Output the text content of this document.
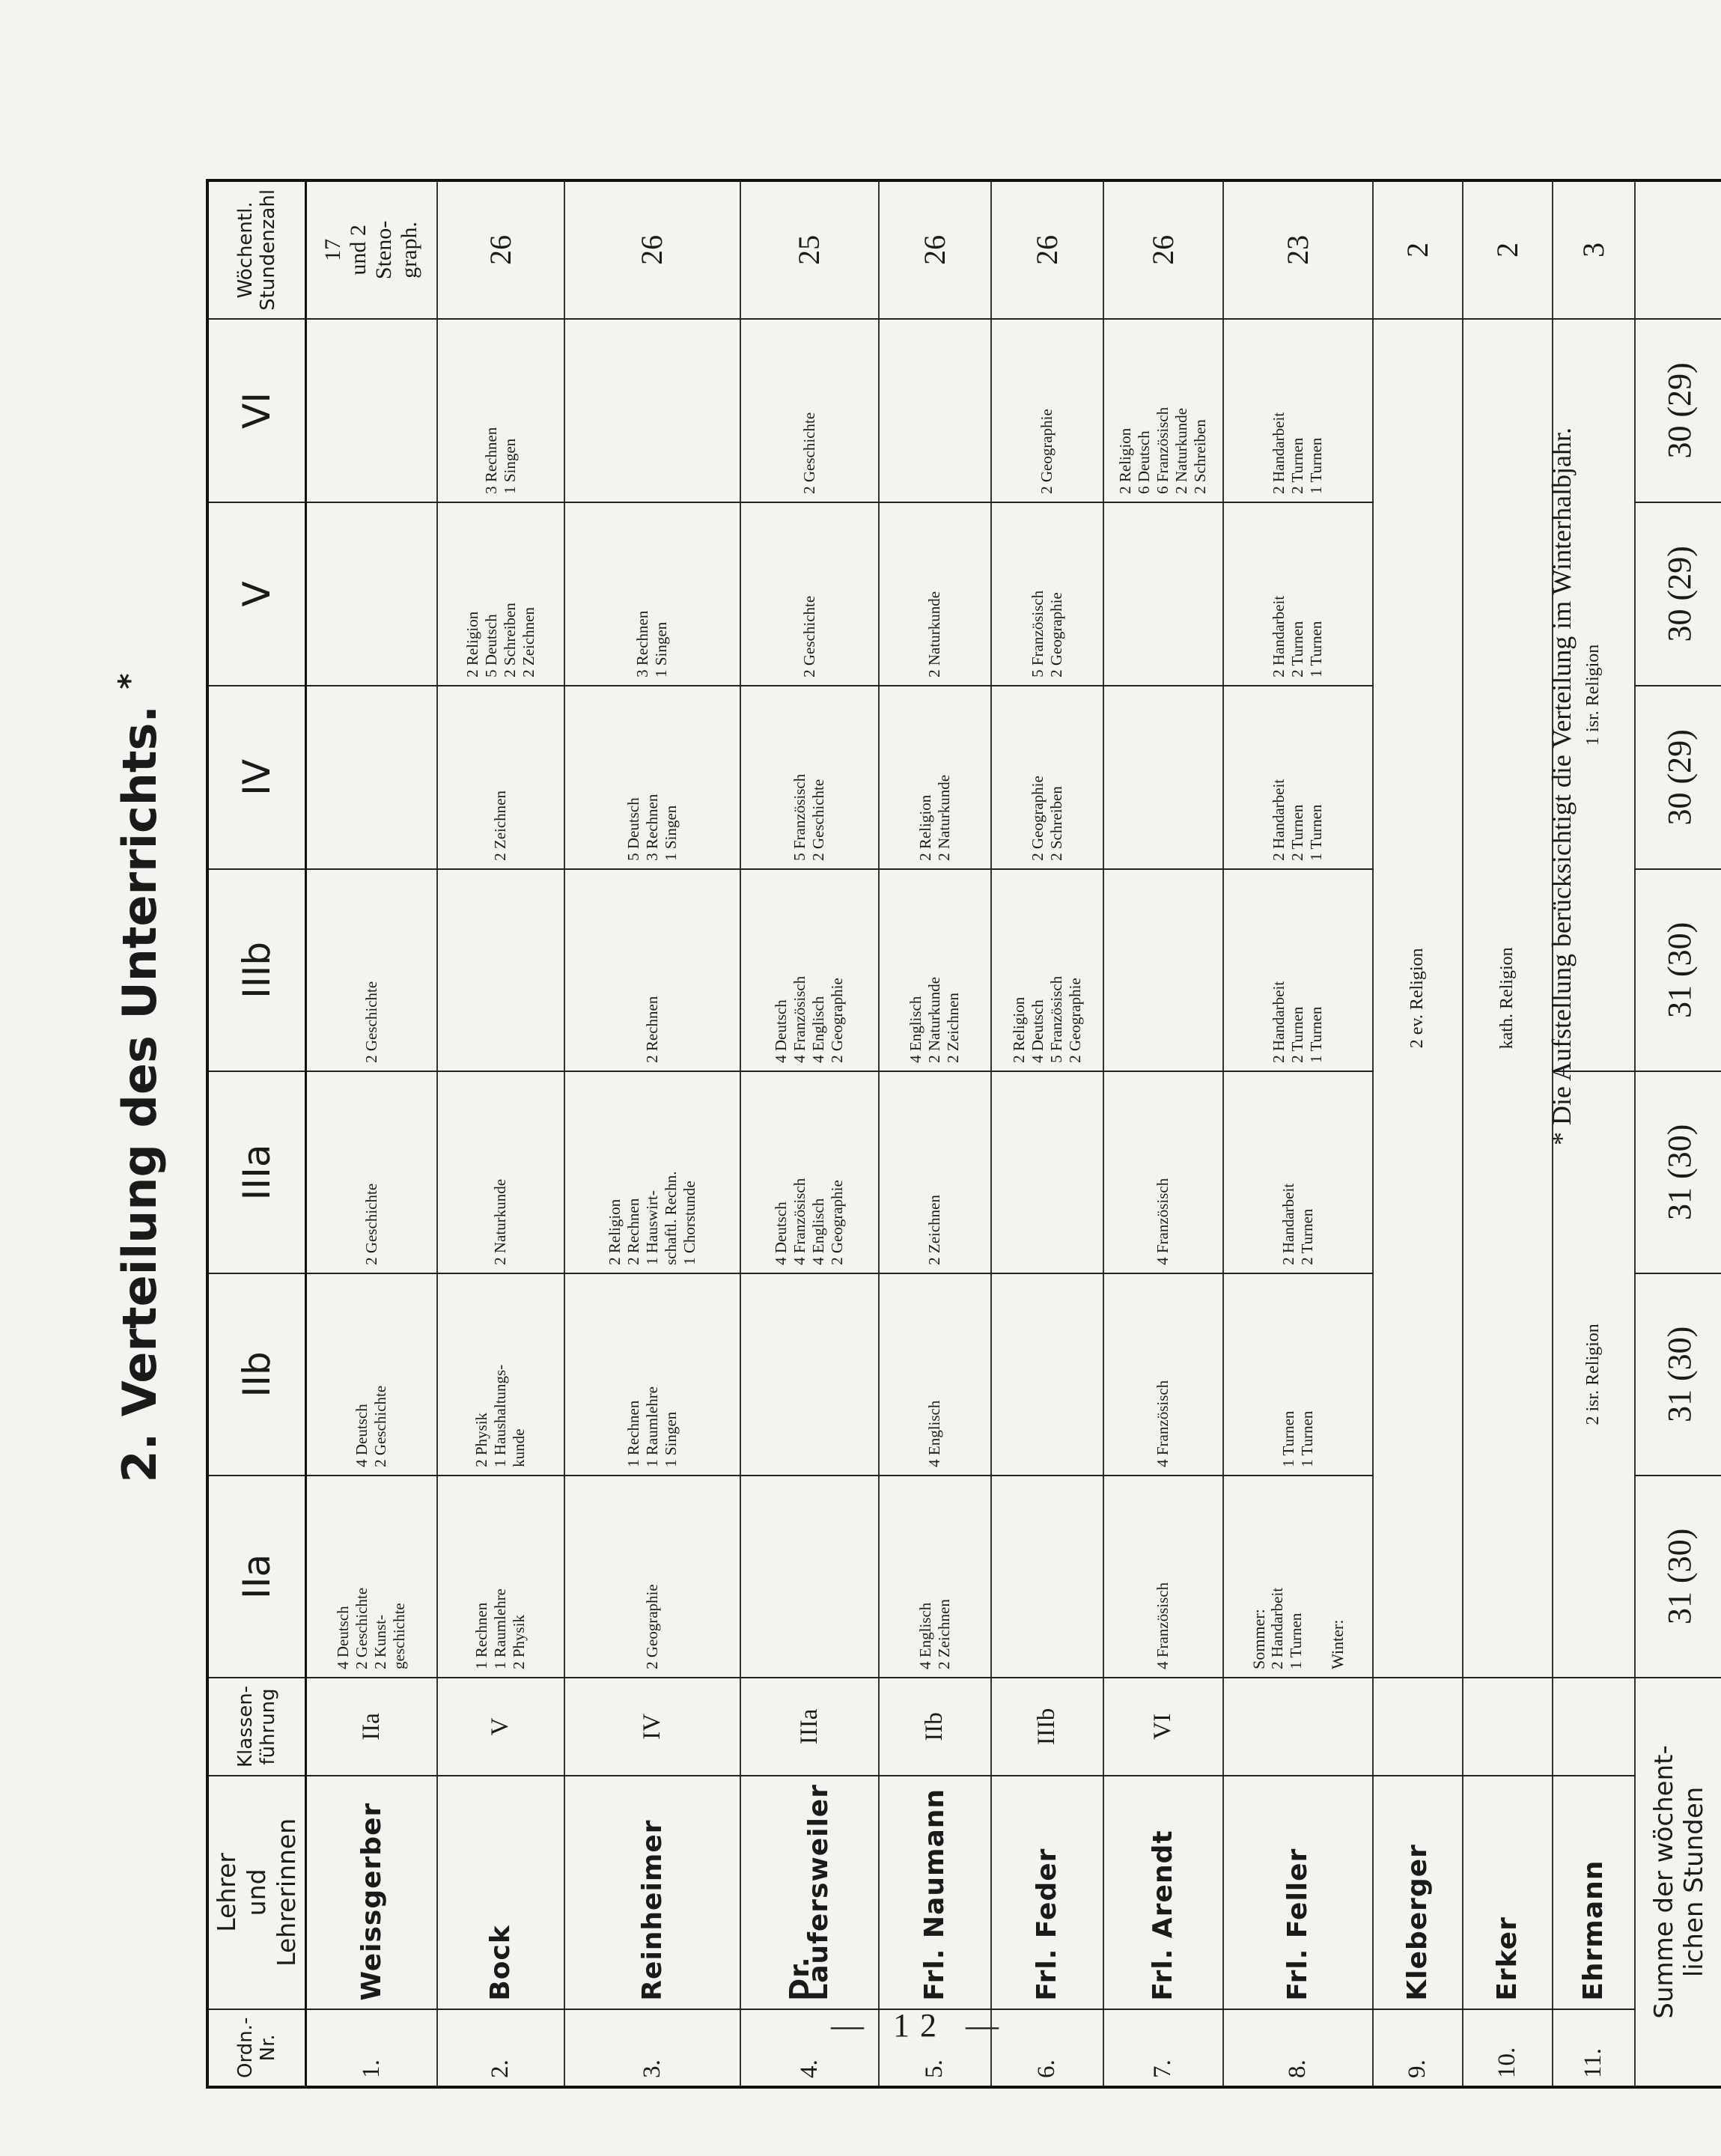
— 12 —
2. Verteilung des Unterrichts. *
Ordn.-Nr.	Lehrer und Lehrerinnen	Klassen- führung	IIa	IIb	IIIa	IIIb	IV	V	VI	Wöchentl. Stundenzahl

1.	Weissgerber	IIa	4 Deutsch 2 Geschichte 2 Kunst- geschichte	4 Deutsch 2 Geschichte	2 Geschichte	2 Geschichte				17 und 2 Steno- graph.

2.	Bock	V	1 Rechnen 1 Raumlehre 2 Physik	2 Physik 1 Haushaltungs- kunde	2 Naturkunde		2 Zeichnen	2 Religion 5 Deutsch 2 Schreiben 2 Zeichnen	3 Rechnen 1 Singen	26

3.	Reinheimer	IV	2 Geographie	1 Rechnen 1 Raumlehre 1 Singen	2 Religion 2 Rechnen 1 Hauswirt- schaftl. Rechn. 1 Chorstunde	2 Rechnen	5 Deutsch 3 Rechnen 1 Singen	3 Rechnen 1 Singen		26

4.	Dr. Laufersweiler	IIIa			4 Deutsch 4 Französisch 4 Englisch 2 Geographie	4 Deutsch 4 Französisch 4 Englisch 2 Geographie	5 Französisch 2 Geschichte	2 Geschichte	2 Geschichte	25

5.	Frl. Naumann	IIb	4 Englisch 2 Zeichnen	4 Englisch	2 Zeichnen	4 Englisch 2 Naturkunde 2 Zeichnen	2 Religion 2 Naturkunde	2 Naturkunde		26

6.	Frl. Feder	IIIb				2 Religion 4 Deutsch 5 Französisch 2 Geographie	2 Geographie 2 Schreiben	5 Französisch 2 Geographie	2 Geographie	26

7.	Frl. Arendt	VI	4 Französisch	4 Französisch	4 Französisch				2 Religion 6 Deutsch 6 Französisch 2 Naturkunde 2 Schreiben	26

8.	Frl. Feller		Sommer: 2 Handarbeit 1 Turnen Winter:	1 Turnen 1 Turnen	2 Handarbeit 2 Turnen	2 Handarbeit 2 Turnen 1 Turnen	2 Handarbeit 2 Turnen 1 Turnen	2 Handarbeit 2 Turnen 1 Turnen	2 Handarbeit 2 Turnen 1 Turnen	23

9.	Kleberger		2 ev. Religion							2

10.	Erker		kath. Religion							2

11.	Ehrmann		2 isr. Religion			1 isr. Religion				3

Summe der wöchent- lichen Stunden			31 (30)	31 (30)	31 (30)	31 (30)	30 (29)	30 (29)	30 (29)	
* Die Aufstellung berücksichtigt die Verteilung im Winterhalbjahr.
